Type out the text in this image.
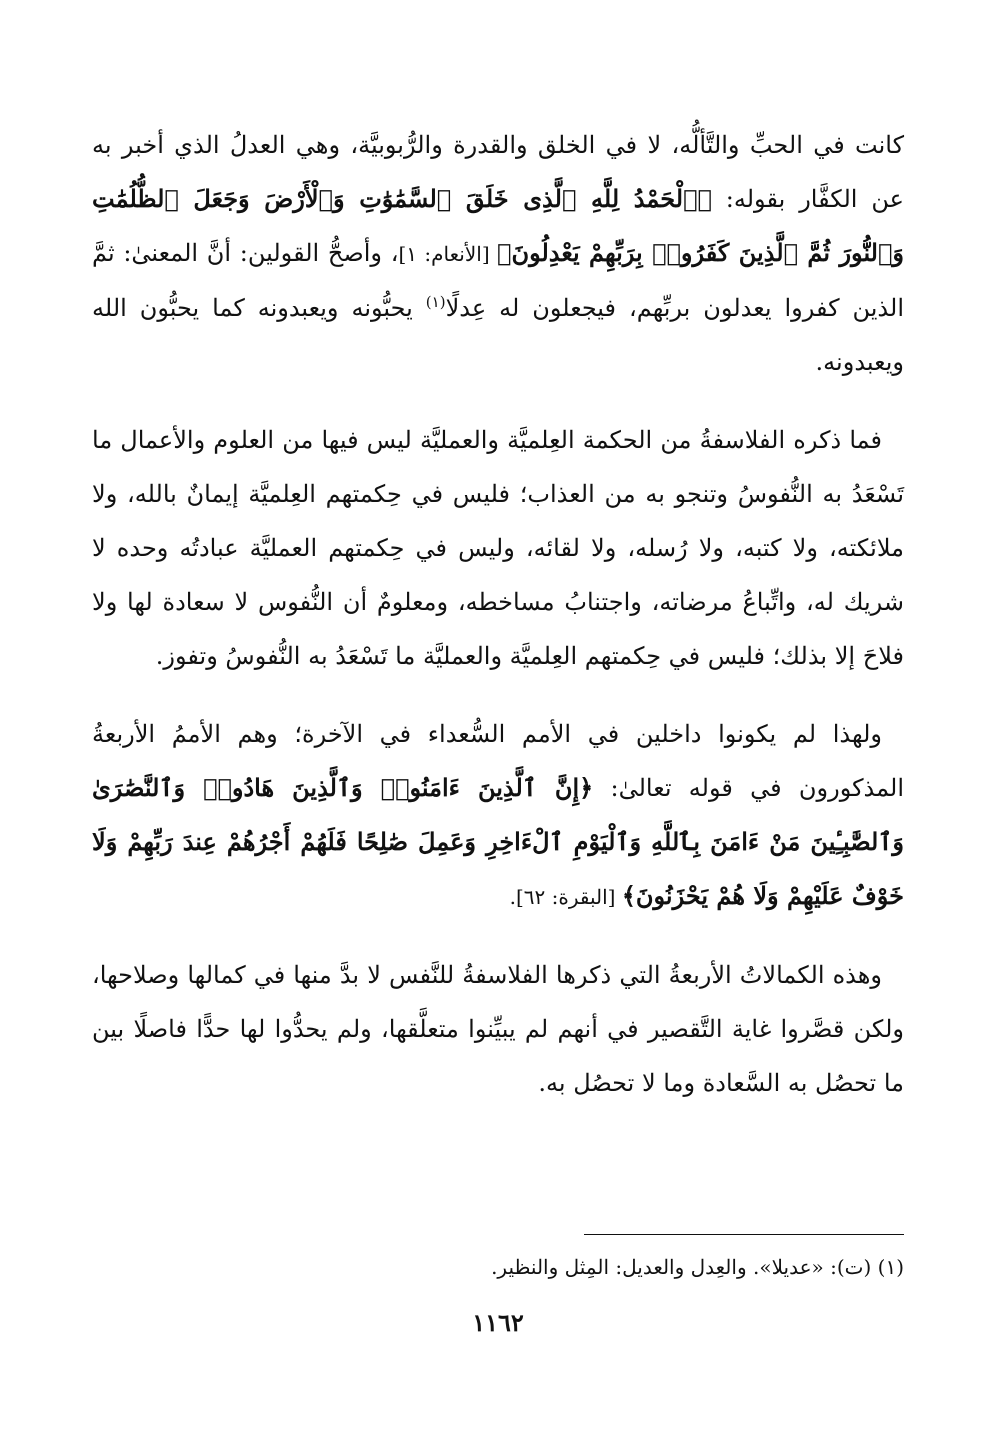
كانت في الحبِّ والتَّألُّه، لا في الخلق والقدرة والرُّبوبيَّة، وهي العدلُ الذي أخبر به عن الكفَّار بقوله: ﴿ٱلْحَمْدُ لِلَّهِ ٱلَّذِى خَلَقَ ٱلسَّمَٰوَٰتِ وَٱلْأَرْضَ وَجَعَلَ ٱلظُّلُمَٰتِ وَٱلنُّورَ ثُمَّ ٱلَّذِينَ كَفَرُوا۟ بِرَبِّهِمْ يَعْدِلُونَ﴾ [الأنعام: ١]، وأصحُّ القولين: أنَّ المعنىٰ: ثمَّ الذين كفروا يعدلون بربِّهم، فيجعلون له عِدلًا$^{(١)}$ يحبُّونه ويعبدونه كما يحبُّون الله ويعبدونه.

فما ذكره الفلاسفةُ من الحكمة العِلميَّة والعمليَّة ليس فيها من العلوم والأعمال ما تَسْعَدُ به النُّفوسُ وتنجو به من العذاب؛ فليس في حِكمتهم العِلميَّة إيمانٌ بالله، ولا ملائكته، ولا كتبه، ولا رُسله، ولا لقائه، وليس في حِكمتهم العمليَّة عبادتُه وحده لا شريك له، واتِّباعُ مرضاته، واجتنابُ مساخطه، ومعلومٌ أن النُّفوس لا سعادة لها ولا فلاحَ إلا بذلك؛ فليس في حِكمتهم العِلميَّة والعمليَّة ما تَسْعَدُ به النُّفوسُ وتفوز.

ولهذا لم يكونوا داخلين في الأمم السُّعداء في الآخرة؛ وهم الأممُ الأربعةُ المذكورون في قوله تعالىٰ: ﴿إِنَّ ٱلَّذِينَ ءَامَنُوا۟ وَٱلَّذِينَ هَادُوا۟ وَٱلنَّصَٰرَىٰ وَٱلصَّٰبِـِٔينَ مَنْ ءَامَنَ بِٱللَّهِ وَٱلْيَوْمِ ٱلْءَاخِرِ وَعَمِلَ صَٰلِحًا فَلَهُمْ أَجْرُهُمْ عِندَ رَبِّهِمْ وَلَا خَوْفٌ عَلَيْهِمْ وَلَا هُمْ يَحْزَنُونَ﴾ [البقرة: ٦٢].

وهذه الكمالاتُ الأربعةُ التي ذكرها الفلاسفةُ للنَّفس لا بدَّ منها في كمالها وصلاحها، ولكن قصَّروا غاية التَّقصير في أنهم لم يبيِّنوا متعلَّقها، ولم يحدُّوا لها حدًّا فاصلًا بين ما تحصُل به السَّعادة وما لا تحصُل به.

(١) (ت): «عديلا». والعِدل والعديل: المِثل والنظير.

١١٦٢
